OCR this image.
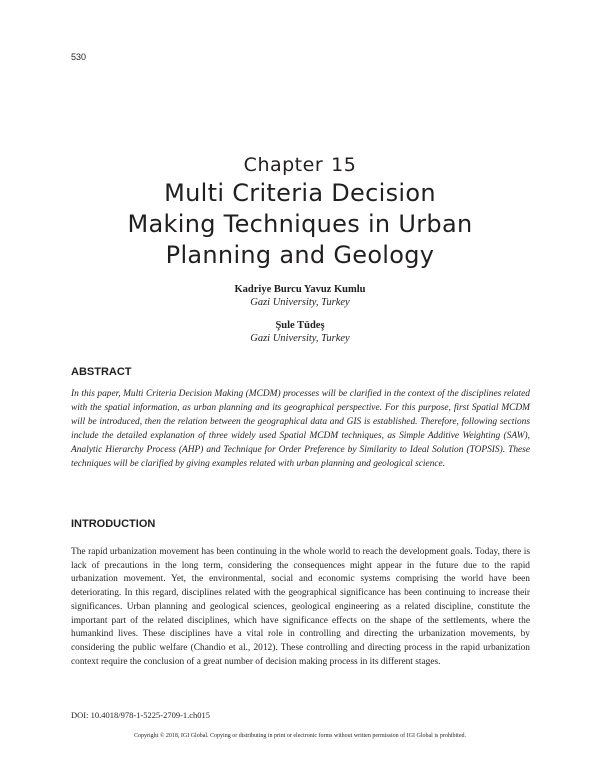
530
Chapter 15
Multi Criteria Decision
Making Techniques in Urban
Planning and Geology
Kadriye Burcu Yavuz Kumlu
Gazi University, Turkey
Şule Tüdeş
Gazi University, Turkey
ABSTRACT
In this paper, Multi Criteria Decision Making (MCDM) processes will be clarified in the context of the disciplines related with the spatial information, as urban planning and its geographical perspective. For this purpose, first Spatial MCDM will be introduced, then the relation between the geographical data and GIS is established. Therefore, following sections include the detailed explanation of three widely used Spatial MCDM techniques, as Simple Additive Weighting (SAW), Analytic Hierarchy Process (AHP) and Technique for Order Preference by Similarity to Ideal Solution (TOPSIS). These techniques will be clarified by giving examples related with urban planning and geological science.
INTRODUCTION
The rapid urbanization movement has been continuing in the whole world to reach the development goals. Today, there is lack of precautions in the long term, considering the consequences might appear in the future due to the rapid urbanization movement. Yet, the environmental, social and economic systems comprising the world have been deteriorating. In this regard, disciplines related with the geographical significance has been continuing to increase their significances. Urban planning and geological sciences, geological engineering as a related discipline, constitute the important part of the related disciplines, which have significance effects on the shape of the settlements, where the humankind lives. These disciplines have a vital role in controlling and directing the urbanization movements, by considering the public welfare (Chandio et al., 2012). These controlling and directing process in the rapid urbanization context require the conclusion of a great number of decision making process in its different stages.
DOI: 10.4018/978-1-5225-2709-1.ch015
Copyright © 2018, IGI Global. Copying or distributing in print or electronic forms without written permission of IGI Global is prohibited.
